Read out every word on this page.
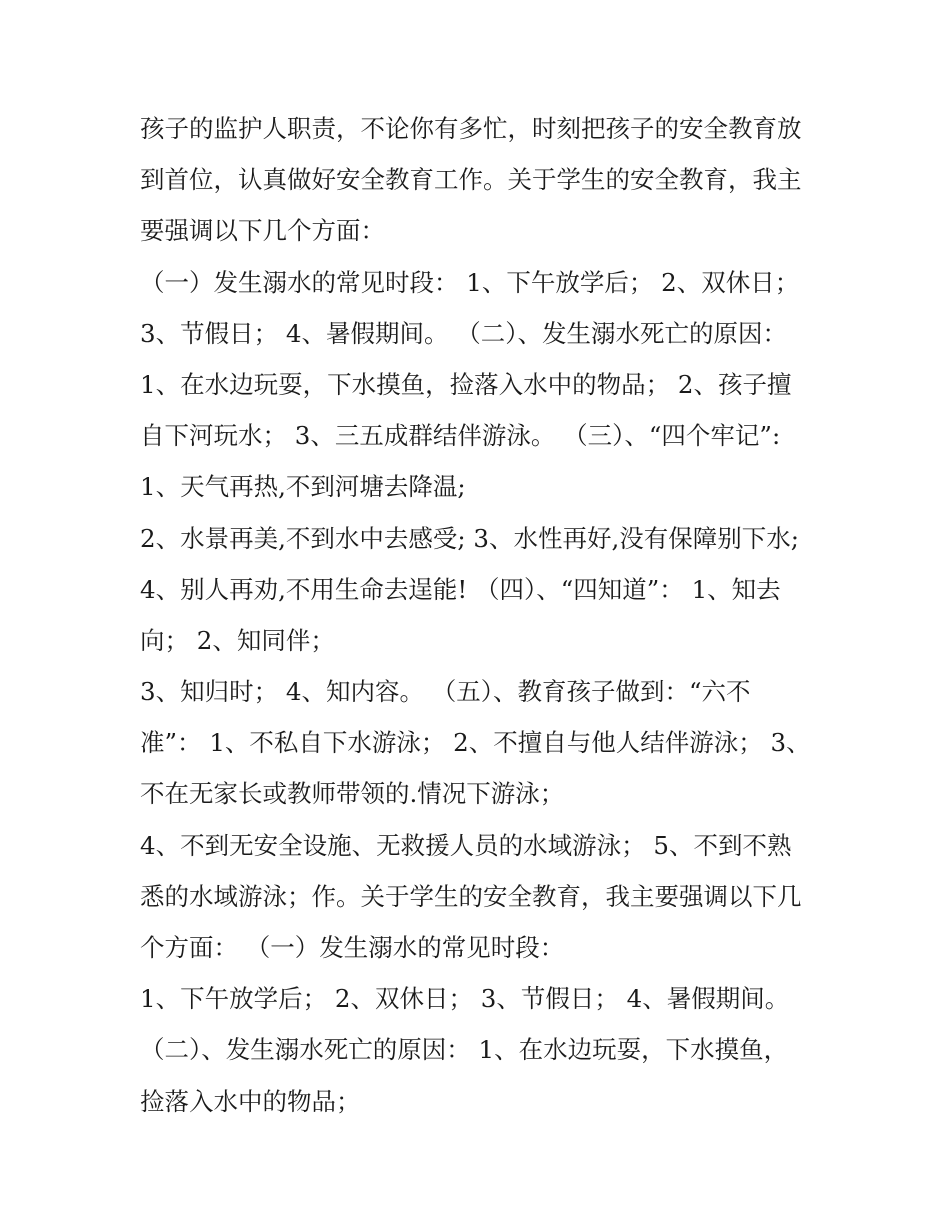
孩子的监护人职责，不论你有多忙，时刻把孩子的安全教育放
到首位，认真做好安全教育工作。关于学生的安全教育，我主
要强调以下几个方面：
（一）发生溺水的常见时段： 1、下午放学后； 2、双休日；
3、节假日； 4、暑假期间。 （二）、发生溺水死亡的原因：
1、在水边玩耍，下水摸鱼，捡落入水中的物品； 2、孩子擅
自下河玩水； 3、三五成群结伴游泳。 （三）、“四个牢记”:
1、天气再热,不到河塘去降温;
2、水景再美,不到水中去感受; 3、水性再好,没有保障别下水;
4、别人再劝,不用生命去逞能! （四）、“四知道”： 1、知去
向； 2、知同伴；
3、知归时； 4、知内容。 （五）、教育孩子做到：“六不
准”： 1、不私自下水游泳； 2、不擅自与他人结伴游泳； 3、
不在无家长或教师带领的.情况下游泳；
4、不到无安全设施、无救援人员的水域游泳； 5、不到不熟
悉的水域游泳；作。关于学生的安全教育，我主要强调以下几
个方面： （一）发生溺水的常见时段：
1、下午放学后； 2、双休日； 3、节假日； 4、暑假期间。
（二）、发生溺水死亡的原因： 1、在水边玩耍，下水摸鱼，
捡落入水中的物品；
